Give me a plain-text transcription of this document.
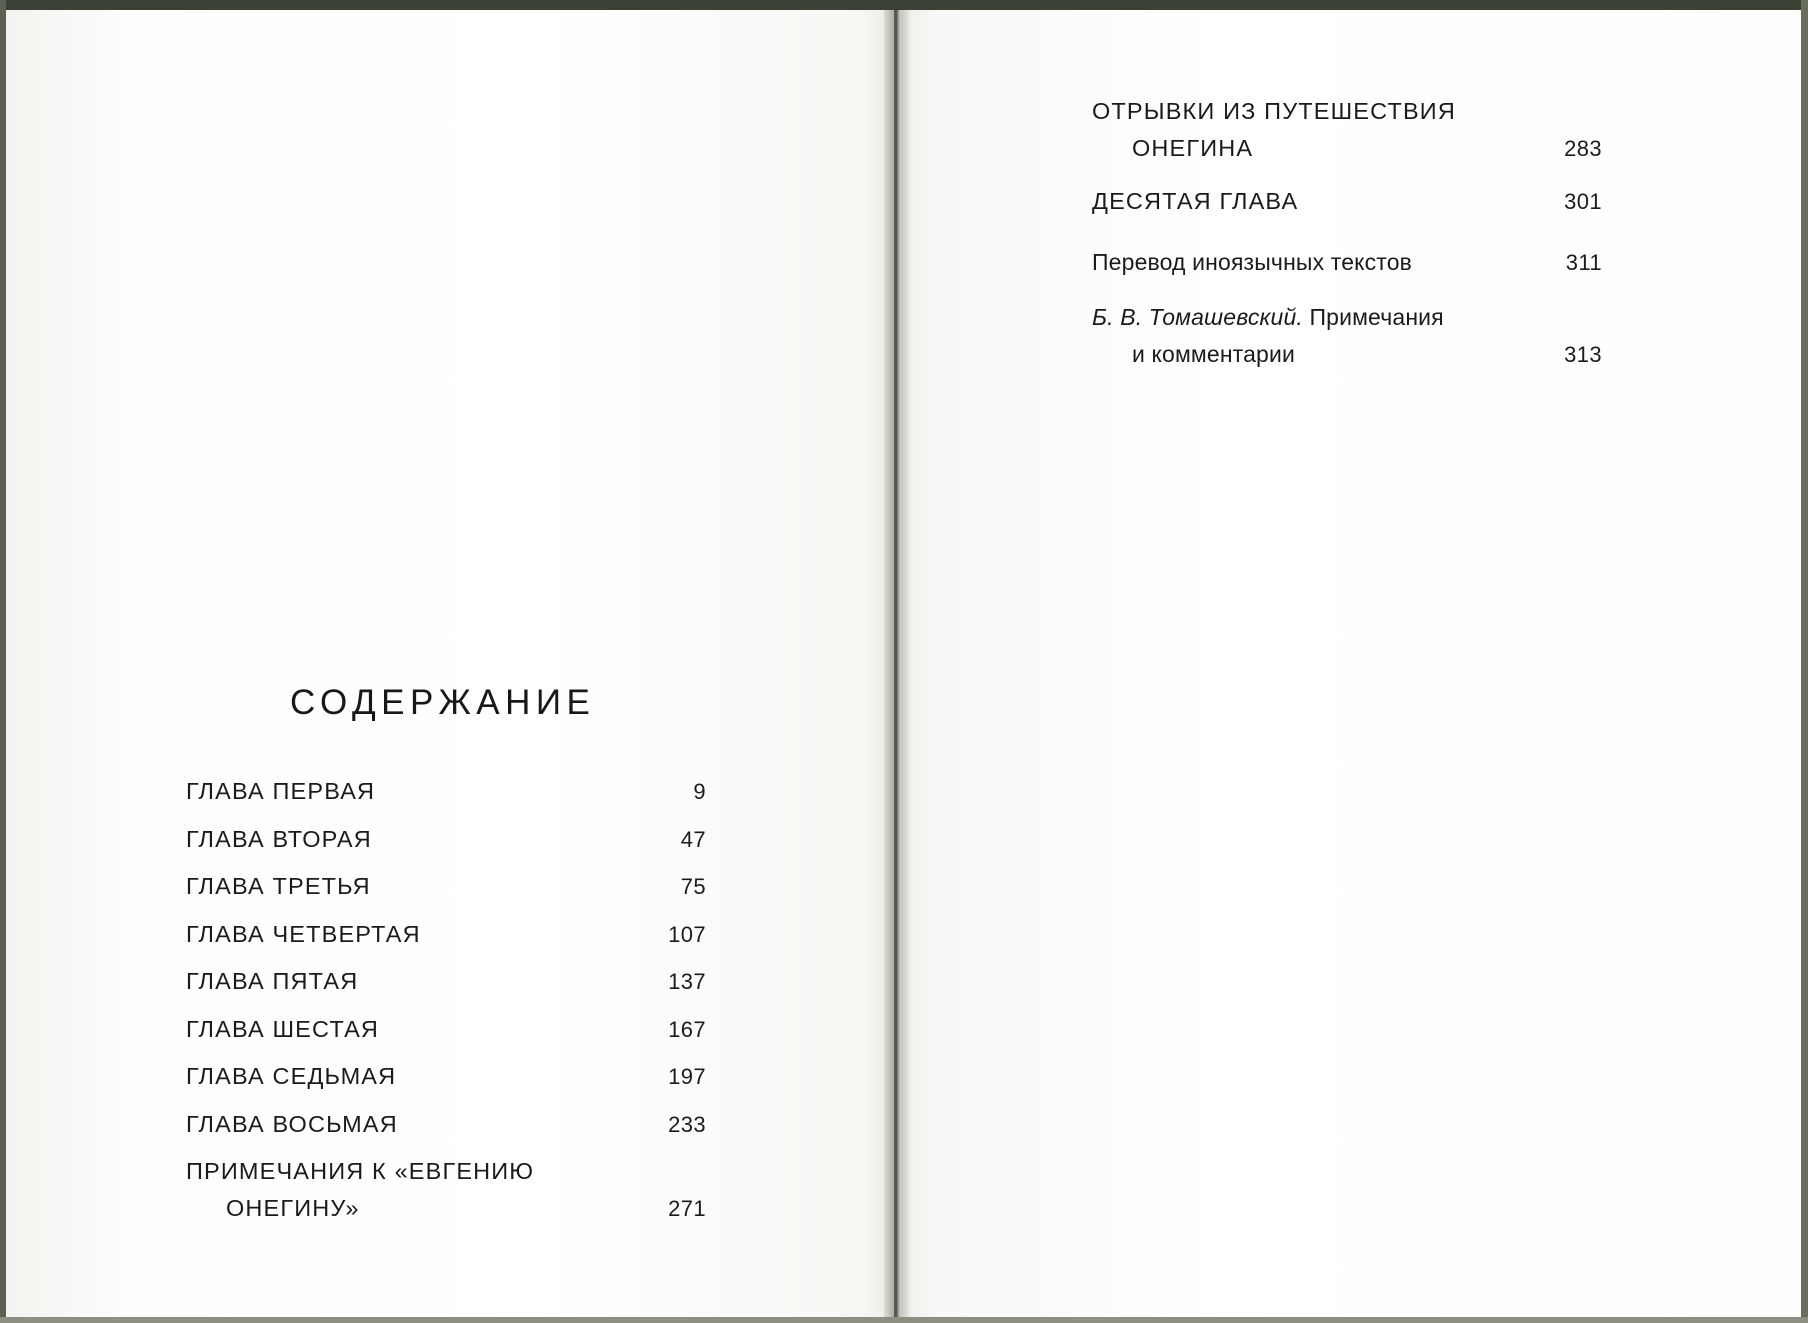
СОДЕРЖАНИЕ
ГЛАВА ПЕРВАЯ	9
ГЛАВА ВТОРАЯ	47
ГЛАВА ТРЕТЬЯ	75
ГЛАВА ЧЕТВЕРТАЯ	107
ГЛАВА ПЯТАЯ	137
ГЛАВА ШЕСТАЯ	167
ГЛАВА СЕДЬМАЯ	197
ГЛАВА ВОСЬМАЯ	233
ПРИМЕЧАНИЯ К «ЕВГЕНИЮ
ОНЕГИНУ»	271
ОТРЫВКИ ИЗ ПУТЕШЕСТВИЯ
ОНЕГИНА	283
ДЕСЯТАЯ ГЛАВА	301
Перевод иноязычных текстов	311
Б. В. Томашевский. Примечания
и комментарии	313
